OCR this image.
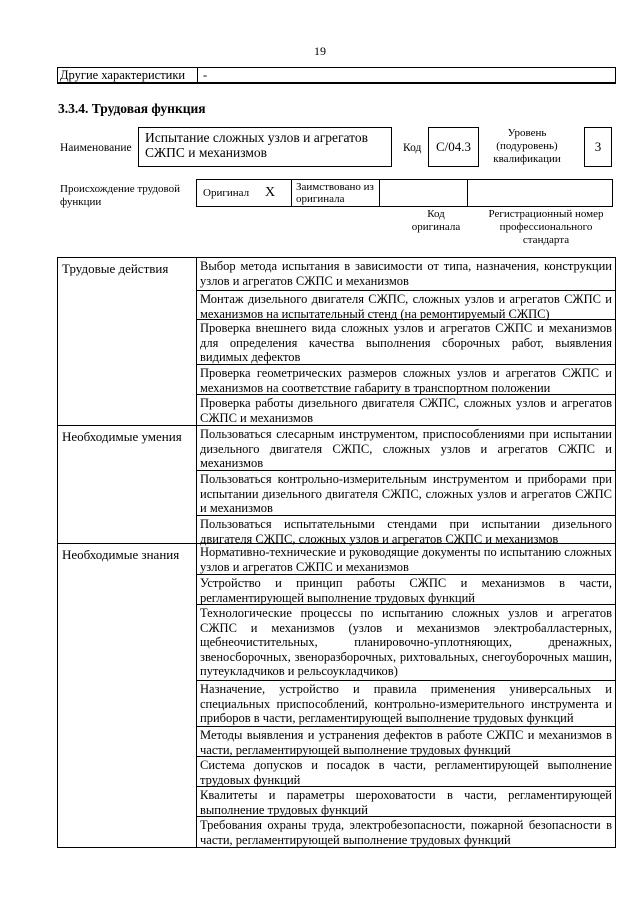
19
Другие характеристики -
3.3.4. Трудовая функция
Наименование
Испытание сложных узлов и агрегатов СЖПС и механизмов	Код	C/04.3
Уровень (подуровень) квалификации
3
Происхождение трудовой функции
Оригинал X Заимствовано из оригинала
Код оригинала
Регистрационный номер профессионального стандарта
Трудовые действия
Необходимые умения
Необходимые знания
Выбор метода испытания в зависимости от типа, назначения, конструкции узлов и агрегатов СЖПС и механизмов
Монтаж дизельного двигателя СЖПС, сложных узлов и агрегатов СЖПС и механизмов на испытательный стенд (на ремонтируемый СЖПС)
Проверка внешнего вида сложных узлов и агрегатов СЖПС и механизмов для определения качества выполнения сборочных работ, выявления видимых дефектов
Проверка геометрических размеров сложных узлов и агрегатов СЖПС и механизмов на соответствие габариту в транспортном положении
Проверка работы дизельного двигателя СЖПС, сложных узлов и агрегатов СЖПС и механизмов
Пользоваться слесарным инструментом, приспособлениями при испытании дизельного двигателя СЖПС, сложных узлов и агрегатов СЖПС и механизмов
Пользоваться контрольно-измерительным инструментом и приборами при испытании дизельного двигателя СЖПС, сложных узлов и агрегатов СЖПС и механизмов
Пользоваться испытательными стендами при испытании дизельного двигателя СЖПС, сложных узлов и агрегатов СЖПС и механизмов
Нормативно-технические и руководящие документы по испытанию сложных узлов и агрегатов СЖПС и механизмов
Устройство и принцип работы СЖПС и механизмов в части, регламентирующей выполнение трудовых функций
Технологические процессы по испытанию сложных узлов и агрегатов СЖПС и механизмов (узлов и механизмов электробалластерных, щебнеочистительных, планировочно-уплотняющих, дренажных, звеносборочных, звеноразборочных, рихтовальных, снегоуборочных машин, путеукладчиков и рельсоукладчиков)
Назначение, устройство и правила применения универсальных и специальных приспособлений, контрольно-измерительного инструмента и приборов в части, регламентирующей выполнение трудовых функций
Методы выявления и устранения дефектов в работе СЖПС и механизмов в части, регламентирующей выполнение трудовых функций
Система допусков и посадок в части, регламентирующей выполнение трудовых функций
Квалитеты и параметры шероховатости в части, регламентирующей выполнение трудовых функций
Требования охраны труда, электробезопасности, пожарной безопасности в части, регламентирующей выполнение трудовых функций
